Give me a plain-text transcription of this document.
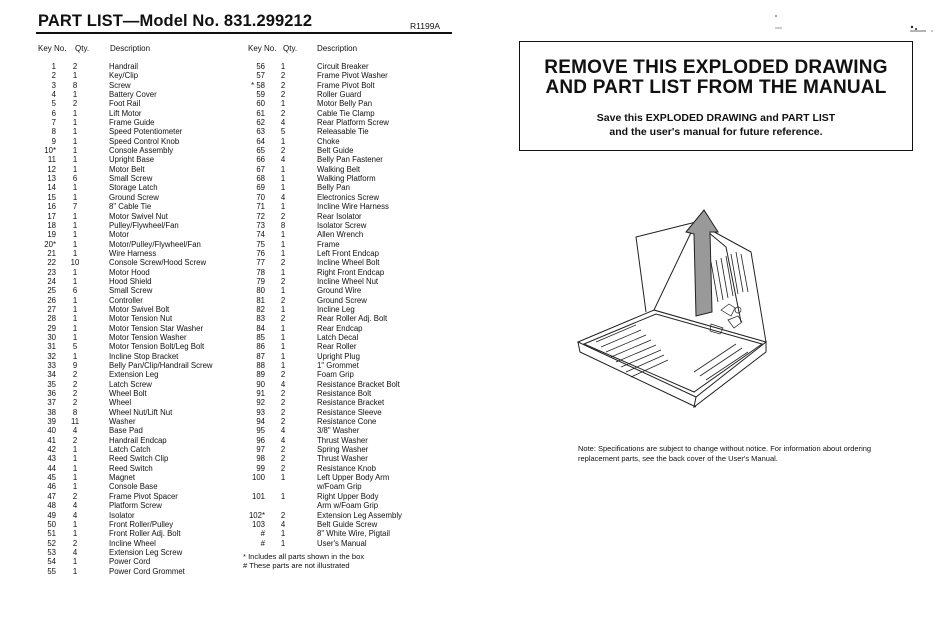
PART LIST—Model No. 831.299212	R1199A
Key No. Qty.	Description	Key No. Qty. Description
1	2	Handrail
2	1	Key/Clip
3	8	Screw
4	1	Battery Cover
5	2	Foot Rail
6	1	Lift Motor
7	1	Frame Guide
8	1	Speed Potentiometer
9	1	Speed Control Knob
10*	1	Console Assembly
11	1	Upright Base
12	1	Motor Belt
13	6	Small Screw
14	1	Storage Latch
15	1	Ground Screw
16	7	8" Cable Tie
17	1	Motor Swivel Nut
18	1	Pulley/Flywheel/Fan
19	1	Motor
20*	1	Motor/Pulley/Flywheel/Fan
21	1	Wire Harness
22	10	Console Screw/Hood Screw
23	1	Motor Hood
24	1	Hood Shield
25	6	Small Screw
26	1	Controller
27	1	Motor Swivel Bolt
28	1	Motor Tension Nut
29	1	Motor Tension Star Washer
30	1	Motor Tension Washer
31	5	Motor Tension Bolt/Leg Bolt
32	1	Incline Stop Bracket
33	9	Belly Pan/Clip/Handrail Screw
34	2	Extension Leg
35	2	Latch Screw
36	2	Wheel Bolt
37	2	Wheel
38	8	Wheel Nut/Lift Nut
39	11	Washer
40	4	Base Pad
41	2	Handrail Endcap
42	1	Latch Catch
43	1	Reed Switch Clip
44	1	Reed Switch
45	1	Magnet
46	1	Console Base
47	2	Frame Pivot Spacer
48	4	Platform Screw
49	4	Isolator
50	1	Front Roller/Pulley
51	1	Front Roller Adj. Bolt
52	2	Incline Wheel
53	4	Extension Leg Screw
54	1	Power Cord
55	1	Power Cord Grommet
56	1	Circuit Breaker
57	2	Frame Pivot Washer
* 58	2	Frame Pivot Bolt
59	2	Roller Guard
60	1	Motor Belly Pan
61	2	Cable Tie Clamp
62	4	Rear Platform Screw
63	5	Releasable Tie
64	1	Choke
65	2	Belt Guide
66	4	Belly Pan Fastener
67	1	Walking Belt
68	1	Walking Platform
69	1	Belly Pan
70	4	Electronics Screw
71	1	Incline Wire Harness
72	2	Rear Isolator
73	8	Isolator Screw
74	1	Allen Wrench
75	1	Frame
76	1	Left Front Endcap
77	2	Incline Wheel Bolt
78	1	Right Front Endcap
79	2	Incline Wheel Nut
80	1	Ground Wire
81	2	Ground Screw
82	1	Incline Leg
83	2	Rear Roller Adj. Bolt
84	1	Rear Endcap
85	1	Latch Decal
86	1	Rear Roller
87	1	Upright Plug
88	1	1" Grommet
89	2	Foam Grip
90	4	Resistance Bracket Bolt
91	2	Resistance Bolt
92	2	Resistance Bracket
93	2	Resistance Sleeve
94	2	Resistance Cone
95	4	3/8" Washer
96	4	Thrust Washer
97	2	Spring Washer
98	2	Thrust Washer
99	2	Resistance Knob
100	1	Left Upper Body Arm
w/Foam Grip
101	1	Right Upper Body
Arm w/Foam Grip
102*	2	Extension Leg Assembly
103	4	Belt Guide Screw
#	1	8" White Wire, Pigtail
#	1	User's Manual
* Includes all parts shown in the box
# These parts are not illustrated
REMOVE THIS EXPLODED DRAWING
AND PART LIST FROM THE MANUAL

Save this EXPLODED DRAWING and PART LIST
and the user's manual for future reference.

Note: Specifications are subject to change without notice. For information about ordering replacement parts, see the back cover of the User's Manual.
